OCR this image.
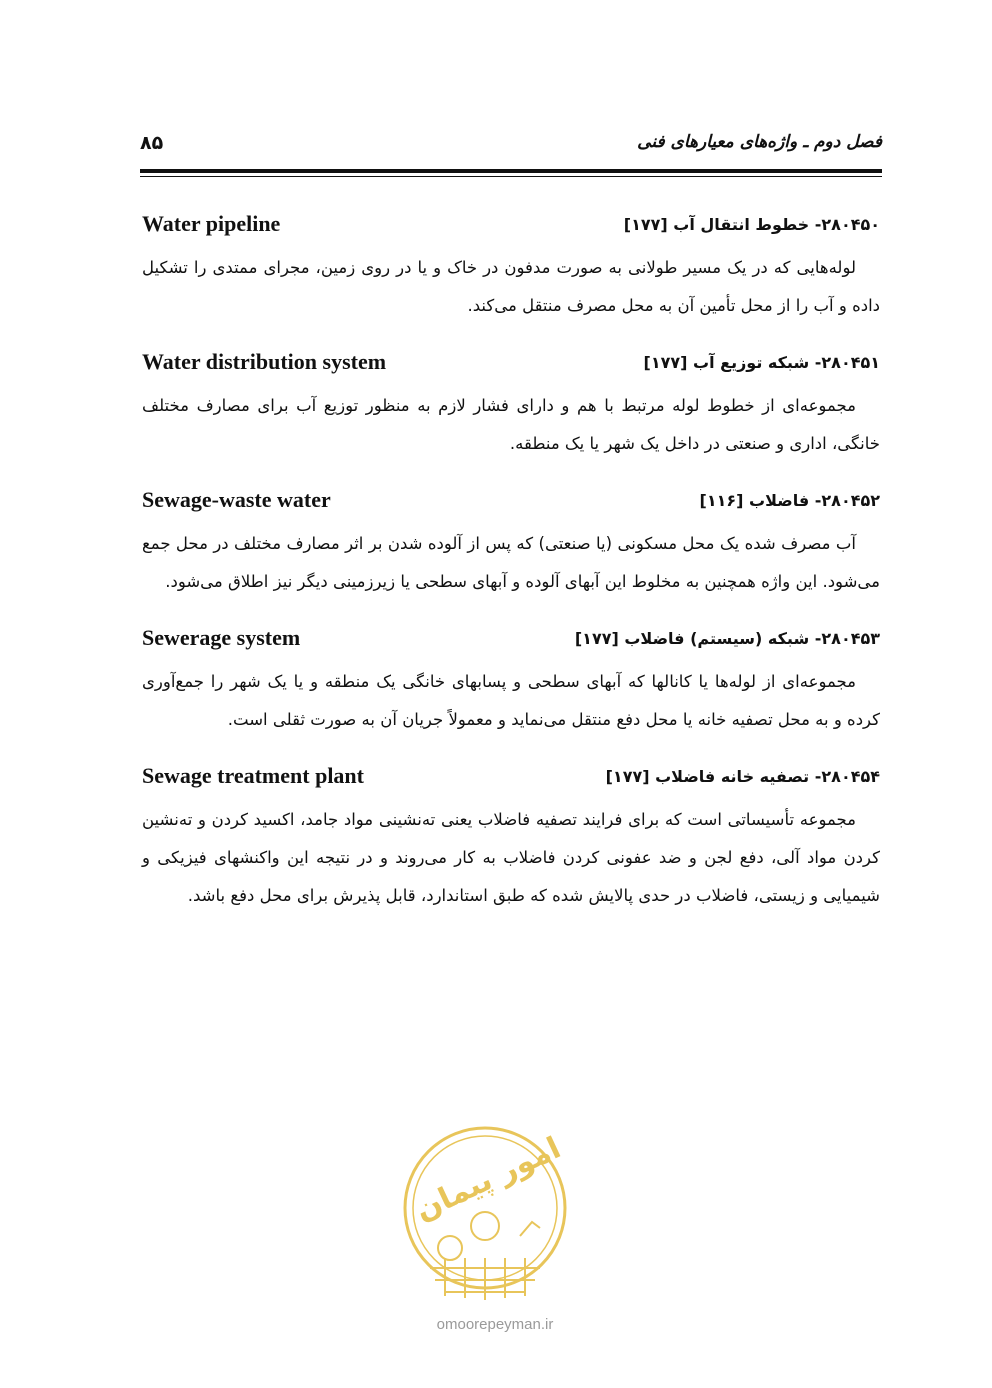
۸۵	فصل دوم ـ واژه‌های معیارهای فنی
Water pipeline	۲۸۰۴۵۰- خطوط انتقال آب [۱۷۷]

لوله‌هایی که در یک مسیر طولانی به صورت مدفون در خاک و یا در روی زمین، مجرای ممتدی را تشکیل داده و آب را از محل تأمین آن به محل مصرف منتقل می‌کند.

Water distribution system	۲۸۰۴۵۱- شبکه توزیع آب [۱۷۷]

مجموعه‌ای از خطوط لوله مرتبط با هم و دارای فشار لازم به منظور توزیع آب برای مصارف مختلف خانگی، اداری و صنعتی در داخل یک شهر یا یک منطقه.

Sewage-waste water	۲۸۰۴۵۲- فاضلاب [۱۱۶]

آب مصرف شده یک محل مسکونی (یا صنعتی) که پس از آلوده شدن بر اثر مصارف مختلف در محل جمع می‌شود. این واژه همچنین به مخلوط این آبهای آلوده و آبهای سطحی یا زیرزمینی دیگر نیز اطلاق می‌شود.

Sewerage system	۲۸۰۴۵۳- شبکه (سیستم) فاضلاب [۱۷۷]

مجموعه‌ای از لوله‌ها یا کانالها که آبهای سطحی و پسابهای خانگی یک منطقه و یا یک شهر را جمع‌آوری کرده و به محل تصفیه خانه یا محل دفع منتقل می‌نماید و معمولاً جریان آن به صورت ثقلی است.

Sewage treatment plant	۲۸۰۴۵۴- تصفیه خانه فاضلاب [۱۷۷]

مجموعه تأسیساتی است که برای فرایند تصفیه فاضلاب یعنی ته‌نشینی مواد جامد، اکسید کردن و ته‌نشین کردن مواد آلی، دفع لجن و ضد عفونی کردن فاضلاب به کار می‌روند و در نتیجه این واکنشهای فیزیکی و شیمیایی و زیستی، فاضلاب در حدی پالایش شده که طبق استاندارد، قابل پذیرش برای محل دفع باشد.

امور پیمان
omoorepeyman.ir
